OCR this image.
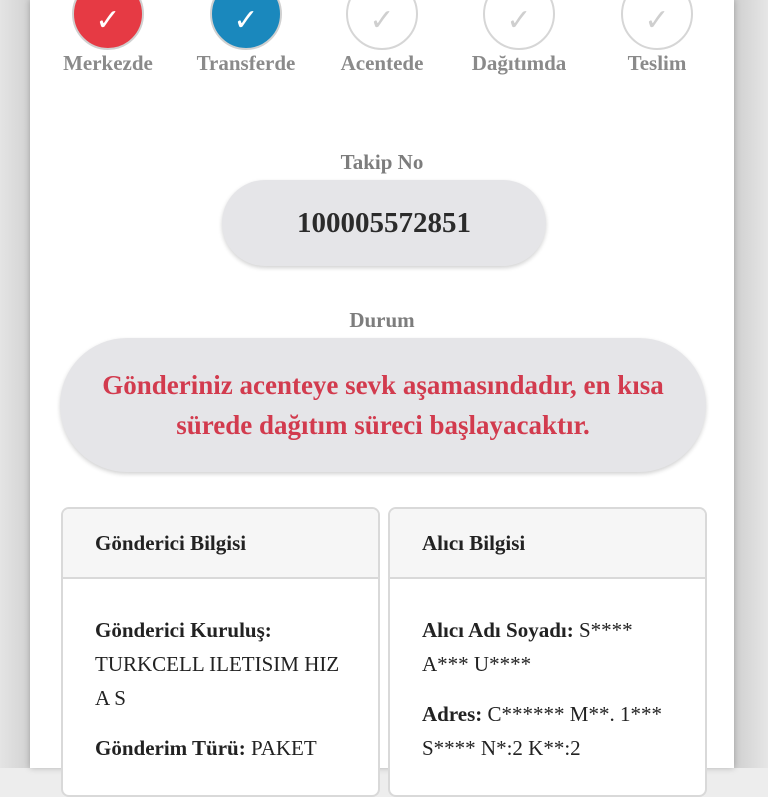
✓
Merkezde
✓
Transferde
✓
Acentede
✓
Dağıtımda
✓
Teslim
Takip No
100005572851
Durum
Gönderiniz acenteye sevk aşamasındadır, en kısa sürede dağıtım süreci başlayacaktır.
Gönderici Bilgisi

Gönderici Kuruluş:
TURKCELL ILETISIM HIZ A S

Gönderim Türü: PAKET

Alıcı Bilgisi

Alıcı Adı Soyadı: S**** A*** U****

Adres: C****** M**. 1*** S**** N*:2 K**:2
